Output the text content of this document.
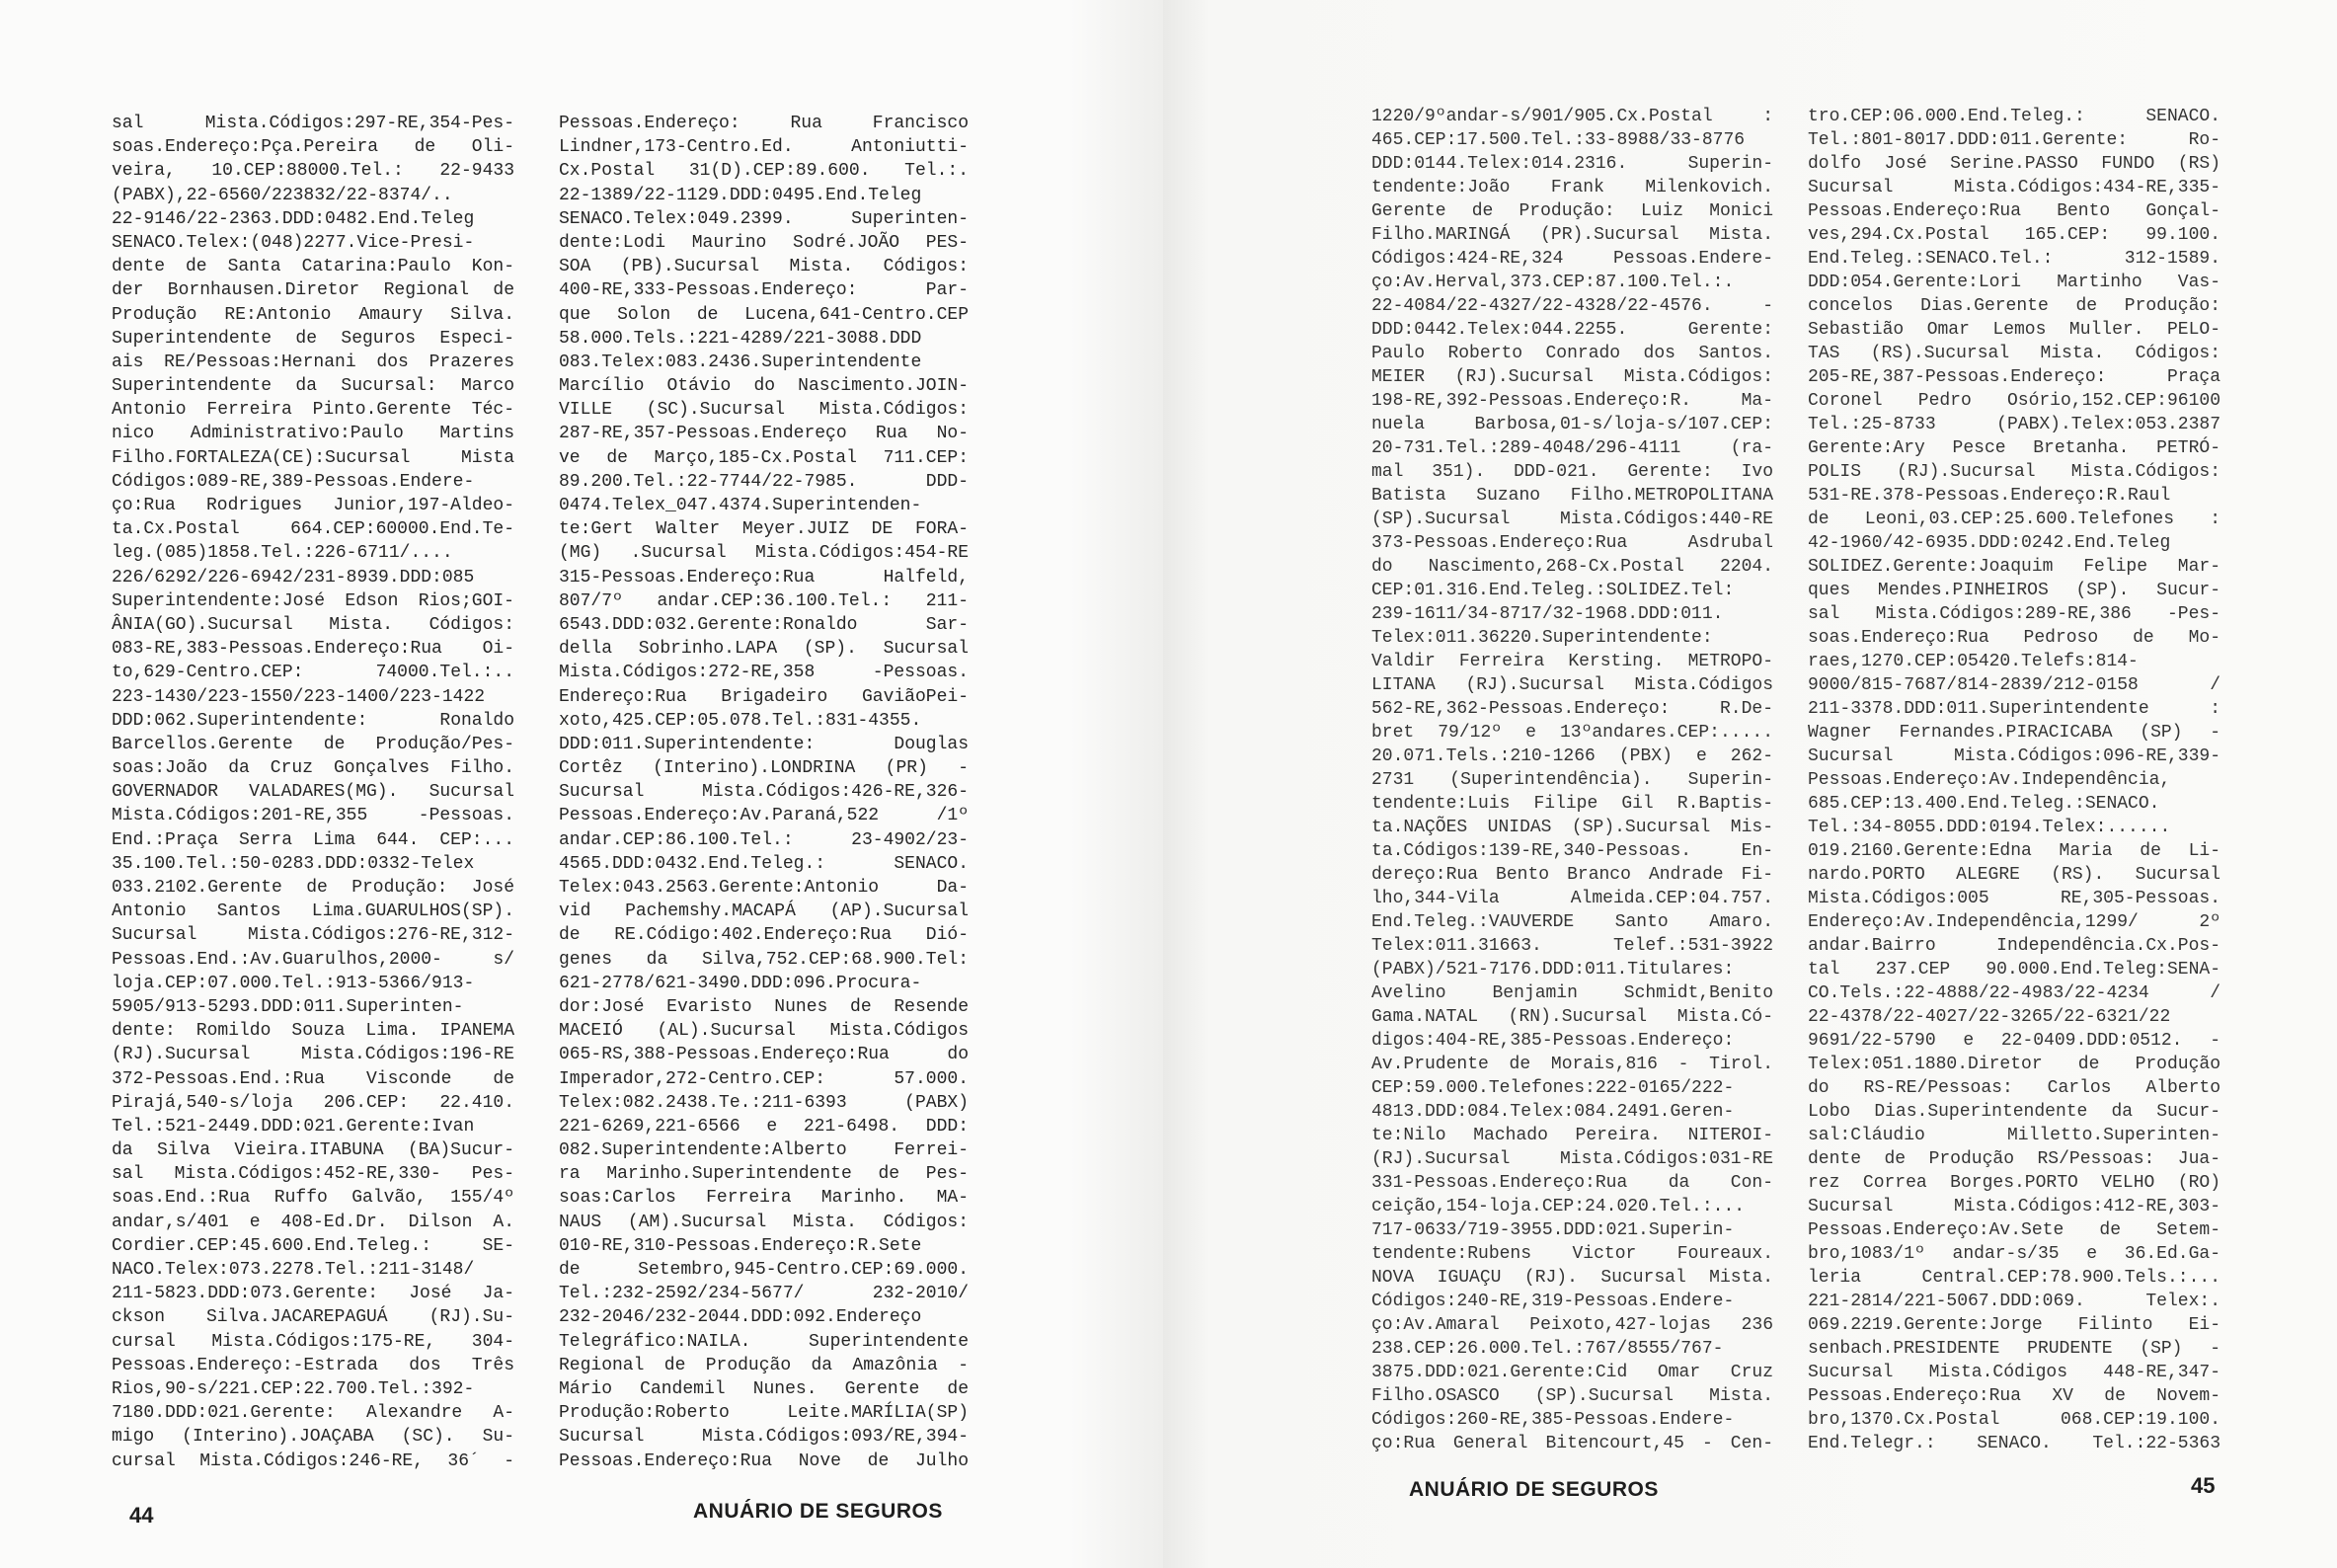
sal Mista.Códigos:297-RE,354-Pes-
soas.Endereço:Pça.Pereira de Oli-
veira, 10.CEP:88000.Tel.: 22-9433
(PABX),22-6560/223832/22-8374/..
22-9146/22-2363.DDD:0482.End.Teleg
SENACO.Telex:(048)2277.Vice-Presi-
dente de Santa Catarina:Paulo Kon-
der Bornhausen.Diretor Regional de
Produção RE:Antonio Amaury Silva.
Superintendente de Seguros Especi-
ais RE/Pessoas:Hernani dos Prazeres
Superintendente da Sucursal: Marco
Antonio Ferreira Pinto.Gerente Téc-
nico Administrativo:Paulo Martins
Filho.FORTALEZA(CE):Sucursal Mista
Códigos:089-RE,389-Pessoas.Endere-
ço:Rua Rodrigues Junior,197-Aldeo-
ta.Cx.Postal 664.CEP:60000.End.Te-
leg.(085)1858.Tel.:226-6711/....
226/6292/226-6942/231-8939.DDD:085
Superintendente:José Edson Rios;GOI-
ÂNIA(GO).Sucursal Mista. Códigos:
083-RE,383-Pessoas.Endereço:Rua Oi-
to,629-Centro.CEP: 74000.Tel.:..
223-1430/223-1550/223-1400/223-1422
DDD:062.Superintendente: Ronaldo
Barcellos.Gerente de Produção/Pes-
soas:João da Cruz Gonçalves Filho.
GOVERNADOR VALADARES(MG). Sucursal
Mista.Códigos:201-RE,355 -Pessoas.
End.:Praça Serra Lima 644. CEP:...
35.100.Tel.:50-0283.DDD:0332-Telex
033.2102.Gerente de Produção: José
Antonio Santos Lima.GUARULHOS(SP).
Sucursal Mista.Códigos:276-RE,312-
Pessoas.End.:Av.Guarulhos,2000- s/
loja.CEP:07.000.Tel.:913-5366/913-
5905/913-5293.DDD:011.Superinten-
dente: Romildo Souza Lima. IPANEMA
(RJ).Sucursal Mista.Códigos:196-RE
372-Pessoas.End.:Rua Visconde de
Pirajá,540-s/loja 206.CEP: 22.410.
Tel.:521-2449.DDD:021.Gerente:Ivan
da Silva Vieira.ITABUNA (BA)Sucur-
sal Mista.Códigos:452-RE,330- Pes-
soas.End.:Rua Ruffo Galvão, 155/4º
andar,s/401 e 408-Ed.Dr. Dilson A.
Cordier.CEP:45.600.End.Teleg.: SE-
NACO.Telex:073.2278.Tel.:211-3148/
211-5823.DDD:073.Gerente: José Ja-
ckson Silva.JACAREPAGUÁ (RJ).Su-
cursal Mista.Códigos:175-RE, 304-
Pessoas.Endereço:-Estrada dos Três
Rios,90-s/221.CEP:22.700.Tel.:392-
7180.DDD:021.Gerente: Alexandre A-
migo (Interino).JOAÇABA (SC). Su-
cursal Mista.Códigos:246-RE, 36´ -
Pessoas.Endereço: Rua Francisco
Lindner,173-Centro.Ed. Antoniutti-
Cx.Postal 31(D).CEP:89.600. Tel.:.
22-1389/22-1129.DDD:0495.End.Teleg
SENACO.Telex:049.2399. Superinten-
dente:Lodi Maurino Sodré.JOÃO PES-
SOA (PB).Sucursal Mista. Códigos:
400-RE,333-Pessoas.Endereço: Par-
que Solon de Lucena,641-Centro.CEP
58.000.Tels.:221-4289/221-3088.DDD
083.Telex:083.2436.Superintendente
Marcílio Otávio do Nascimento.JOIN-
VILLE (SC).Sucursal Mista.Códigos:
287-RE,357-Pessoas.Endereço Rua No-
ve de Março,185-Cx.Postal 711.CEP:
89.200.Tel.:22-7744/22-7985. DDD-
0474.Telex_047.4374.Superintenden-
te:Gert Walter Meyer.JUIZ DE FORA-
(MG) .Sucursal Mista.Códigos:454-RE
315-Pessoas.Endereço:Rua Halfeld,
807/7º andar.CEP:36.100.Tel.: 211-
6543.DDD:032.Gerente:Ronaldo Sar-
della Sobrinho.LAPA (SP). Sucursal
Mista.Códigos:272-RE,358 -Pessoas.
Endereço:Rua Brigadeiro GaviãoPei-
xoto,425.CEP:05.078.Tel.:831-4355.
DDD:011.Superintendente: Douglas
Cortêz (Interino).LONDRINA (PR) -
Sucursal Mista.Códigos:426-RE,326-
Pessoas.Endereço:Av.Paraná,522 /1º
andar.CEP:86.100.Tel.: 23-4902/23-
4565.DDD:0432.End.Teleg.: SENACO.
Telex:043.2563.Gerente:Antonio Da-
vid Pachemshy.MACAPÁ (AP).Sucursal
de RE.Código:402.Endereço:Rua Dió-
genes da Silva,752.CEP:68.900.Tel:
621-2778/621-3490.DDD:096.Procura-
dor:José Evaristo Nunes de Resende
MACEIÓ (AL).Sucursal Mista.Códigos
065-RS,388-Pessoas.Endereço:Rua do
Imperador,272-Centro.CEP: 57.000.
Telex:082.2438.Te.:211-6393 (PABX)
221-6269,221-6566 e 221-6498. DDD:
082.Superintendente:Alberto Ferrei-
ra Marinho.Superintendente de Pes-
soas:Carlos Ferreira Marinho. MA-
NAUS (AM).Sucursal Mista. Códigos:
010-RE,310-Pessoas.Endereço:R.Sete
de Setembro,945-Centro.CEP:69.000.
Tel.:232-2592/234-5677/ 232-2010/
232-2046/232-2044.DDD:092.Endereço
Telegráfico:NAILA. Superintendente
Regional de Produção da Amazônia -
Mário Candemil Nunes. Gerente de
Produção:Roberto Leite.MARÍLIA(SP)
Sucursal Mista.Códigos:093/RE,394-
Pessoas.Endereço:Rua Nove de Julho
1220/9ºandar-s/901/905.Cx.Postal :
465.CEP:17.500.Tel.:33-8988/33-8776
DDD:0144.Telex:014.2316. Superin-
tendente:João Frank Milenkovich.
Gerente de Produção: Luiz Monici
Filho.MARINGÁ (PR).Sucursal Mista.
Códigos:424-RE,324 Pessoas.Endere-
ço:Av.Herval,373.CEP:87.100.Tel.:.
22-4084/22-4327/22-4328/22-4576. -
DDD:0442.Telex:044.2255. Gerente:
Paulo Roberto Conrado dos Santos.
MEIER (RJ).Sucursal Mista.Códigos:
198-RE,392-Pessoas.Endereço:R. Ma-
nuela Barbosa,01-s/loja-s/107.CEP:
20-731.Tel.:289-4048/296-4111 (ra-
mal 351). DDD-021. Gerente: Ivo
Batista Suzano Filho.METROPOLITANA
(SP).Sucursal Mista.Códigos:440-RE
373-Pessoas.Endereço:Rua Asdrubal
do Nascimento,268-Cx.Postal 2204.
CEP:01.316.End.Teleg.:SOLIDEZ.Tel:
239-1611/34-8717/32-1968.DDD:011.
Telex:011.36220.Superintendente:
Valdir Ferreira Kersting. METROPO-
LITANA (RJ).Sucursal Mista.Códigos
562-RE,362-Pessoas.Endereço: R.De-
bret 79/12º e 13ºandares.CEP:.....
20.071.Tels.:210-1266 (PBX) e 262-
2731 (Superintendência). Superin-
tendente:Luis Filipe Gil R.Baptis-
ta.NAÇÕES UNIDAS (SP).Sucursal Mis-
ta.Códigos:139-RE,340-Pessoas. En-
dereço:Rua Bento Branco Andrade Fi-
lho,344-Vila Almeida.CEP:04.757.
End.Teleg.:VAUVERDE Santo Amaro.
Telex:011.31663. Telef.:531-3922
(PABX)/521-7176.DDD:011.Titulares:
Avelino Benjamin Schmidt,Benito
Gama.NATAL (RN).Sucursal Mista.Có-
digos:404-RE,385-Pessoas.Endereço:
Av.Prudente de Morais,816 - Tirol.
CEP:59.000.Telefones:222-0165/222-
4813.DDD:084.Telex:084.2491.Geren-
te:Nilo Machado Pereira. NITEROI-
(RJ).Sucursal Mista.Códigos:031-RE
331-Pessoas.Endereço:Rua da Con-
ceição,154-loja.CEP:24.020.Tel.:...
717-0633/719-3955.DDD:021.Superin-
tendente:Rubens Victor Foureaux.
NOVA IGUAÇU (RJ). Sucursal Mista.
Códigos:240-RE,319-Pessoas.Endere-
ço:Av.Amaral Peixoto,427-lojas 236
238.CEP:26.000.Tel.:767/8555/767-
3875.DDD:021.Gerente:Cid Omar Cruz
Filho.OSASCO (SP).Sucursal Mista.
Códigos:260-RE,385-Pessoas.Endere-
ço:Rua General Bitencourt,45 - Cen-
tro.CEP:06.000.End.Teleg.: SENACO.
Tel.:801-8017.DDD:011.Gerente: Ro-
dolfo José Serine.PASSO FUNDO (RS)
Sucursal Mista.Códigos:434-RE,335-
Pessoas.Endereço:Rua Bento Gonçal-
ves,294.Cx.Postal 165.CEP: 99.100.
End.Teleg.:SENACO.Tel.: 312-1589.
DDD:054.Gerente:Lori Martinho Vas-
concelos Dias.Gerente de Produção:
Sebastião Omar Lemos Muller. PELO-
TAS (RS).Sucursal Mista. Códigos:
205-RE,387-Pessoas.Endereço: Praça
Coronel Pedro Osório,152.CEP:96100
Tel.:25-8733 (PABX).Telex:053.2387
Gerente:Ary Pesce Bretanha. PETRÓ-
POLIS (RJ).Sucursal Mista.Códigos:
531-RE.378-Pessoas.Endereço:R.Raul
de Leoni,03.CEP:25.600.Telefones :
42-1960/42-6935.DDD:0242.End.Teleg
SOLIDEZ.Gerente:Joaquim Felipe Mar-
ques Mendes.PINHEIROS (SP). Sucur-
sal Mista.Códigos:289-RE,386 -Pes-
soas.Endereço:Rua Pedroso de Mo-
raes,1270.CEP:05420.Telefs:814-
9000/815-7687/814-2839/212-0158 /
211-3378.DDD:011.Superintendente :
Wagner Fernandes.PIRACICABA (SP) -
Sucursal Mista.Códigos:096-RE,339-
Pessoas.Endereço:Av.Independência,
685.CEP:13.400.End.Teleg.:SENACO.
Tel.:34-8055.DDD:0194.Telex:......
019.2160.Gerente:Edna Maria de Li-
nardo.PORTO ALEGRE (RS). Sucursal
Mista.Códigos:005 RE,305-Pessoas.
Endereço:Av.Independência,1299/ 2º
andar.Bairro Independência.Cx.Pos-
tal 237.CEP 90.000.End.Teleg:SENA-
CO.Tels.:22-4888/22-4983/22-4234 /
22-4378/22-4027/22-3265/22-6321/22
9691/22-5790 e 22-0409.DDD:0512. -
Telex:051.1880.Diretor de Produção
do RS-RE/Pessoas: Carlos Alberto
Lobo Dias.Superintendente da Sucur-
sal:Cláudio Milletto.Superinten-
dente de Produção RS/Pessoas: Jua-
rez Correa Borges.PORTO VELHO (RO)
Sucursal Mista.Códigos:412-RE,303-
Pessoas.Endereço:Av.Sete de Setem-
bro,1083/1º andar-s/35 e 36.Ed.Ga-
leria Central.CEP:78.900.Tels.:...
221-2814/221-5067.DDD:069. Telex:.
069.2219.Gerente:Jorge Filinto Ei-
senbach.PRESIDENTE PRUDENTE (SP) -
Sucursal Mista.Códigos 448-RE,347-
Pessoas.Endereço:Rua XV de Novem-
bro,1370.Cx.Postal 068.CEP:19.100.
End.Telegr.: SENACO. Tel.:22-5363
44	ANUÁRIO DE SEGUROS
ANUÁRIO DE SEGUROS	45
